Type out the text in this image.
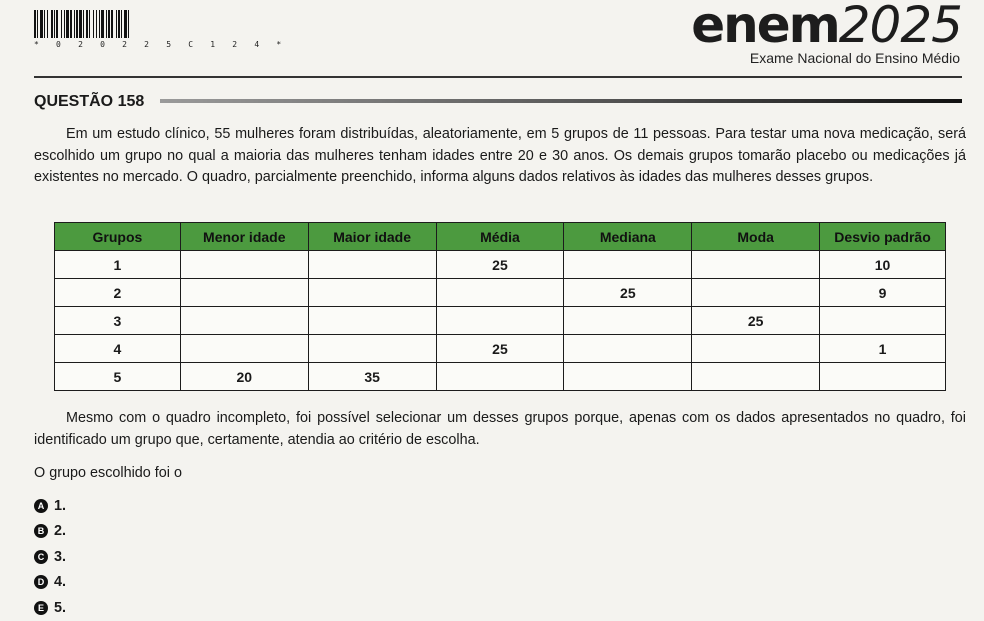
* 0 2 0 2 2 5 C 1 2 4 *	enem2025
Exame Nacional do Ensino Médio
QUESTÃO 158
Em um estudo clínico, 55 mulheres foram distribuídas, aleatoriamente, em 5 grupos de 11 pessoas. Para testar uma nova medicação, será escolhido um grupo no qual a maioria das mulheres tenham idades entre 20 e 30 anos. Os demais grupos tomarão placebo ou medicações já existentes no mercado. O quadro, parcialmente preenchido, informa alguns dados relativos às idades das mulheres desses grupos.
Grupos	Menor idade	Maior idade	Média	Mediana	Moda	Desvio padrão
1			25			10
2				25		9
3					25	
4			25			1
5	20	35				
Mesmo com o quadro incompleto, foi possível selecionar um desses grupos porque, apenas com os dados apresentados no quadro, foi identificado um grupo que, certamente, atendia ao critério de escolha.
O grupo escolhido foi o
A 1.
B 2.
C 3.
D 4.
E 5.
